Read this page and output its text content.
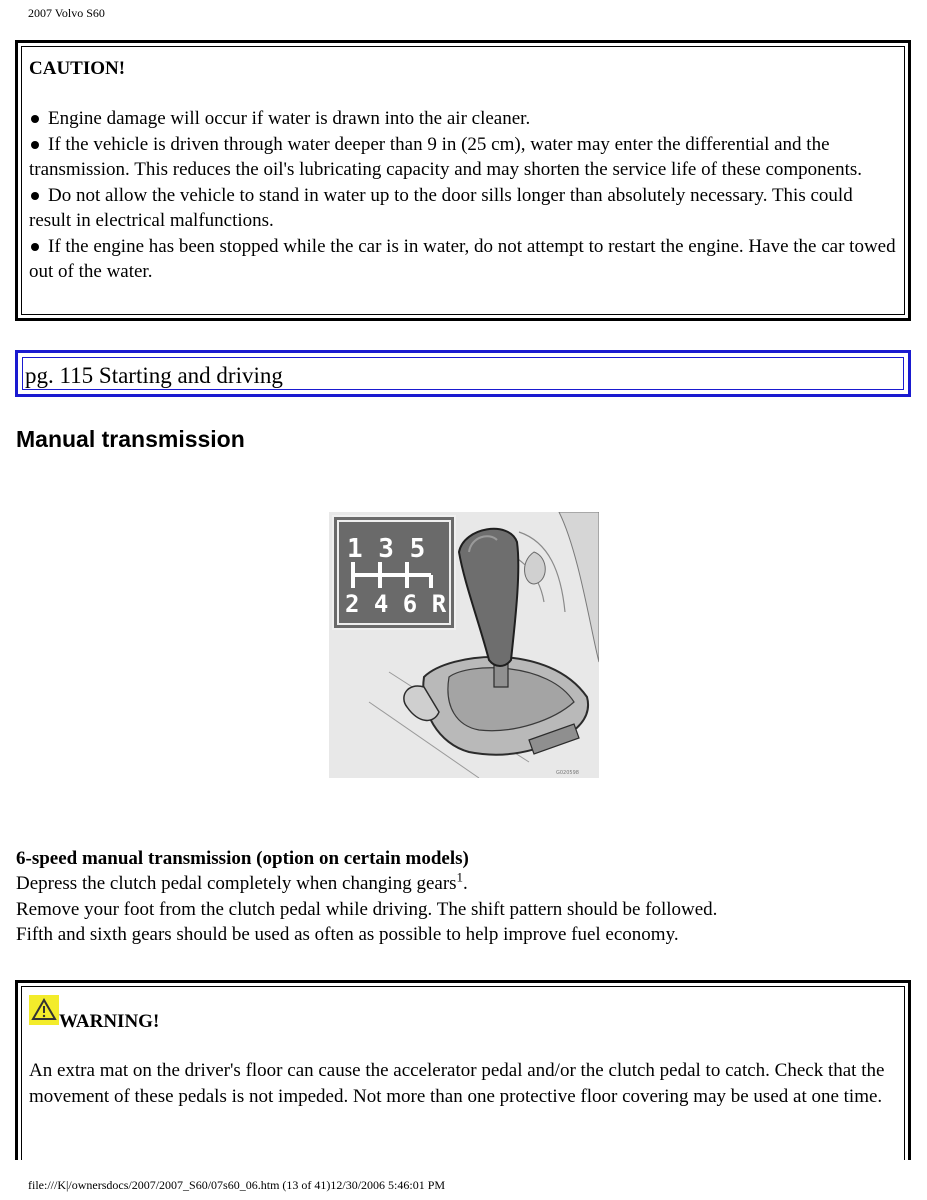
2007 Volvo S60

CAUTION!

Engine damage will occur if water is drawn into the air cleaner.

If the vehicle is driven through water deeper than 9 in (25 cm), water may enter the differential and the transmission. This reduces the oil's lubricating capacity and may shorten the service life of these components.

Do not allow the vehicle to stand in water up to the door sills longer than absolutely necessary. This could result in electrical malfunctions.

If the engine has been stopped while the car is in water, do not attempt to restart the engine. Have the car towed out of the water.

pg. 115 Starting and driving
Manual transmission
1 3 5
2 4 6 R
G020598

6-speed manual transmission (option on certain models)

Depress the clutch pedal completely when changing gears$^1$.

Remove your foot from the clutch pedal while driving. The shift pattern should be followed.

Fifth and sixth gears should be used as often as possible to help improve fuel economy.

WARNING!

An extra mat on the driver's floor can cause the accelerator pedal and/or the clutch pedal to catch. Check that the movement of these pedals is not impeded. Not more than one protective floor covering may be used at one time.

file:///K|/ownersdocs/2007/2007_S60/07s60_06.htm (13 of 41)12/30/2006 5:46:01 PM
